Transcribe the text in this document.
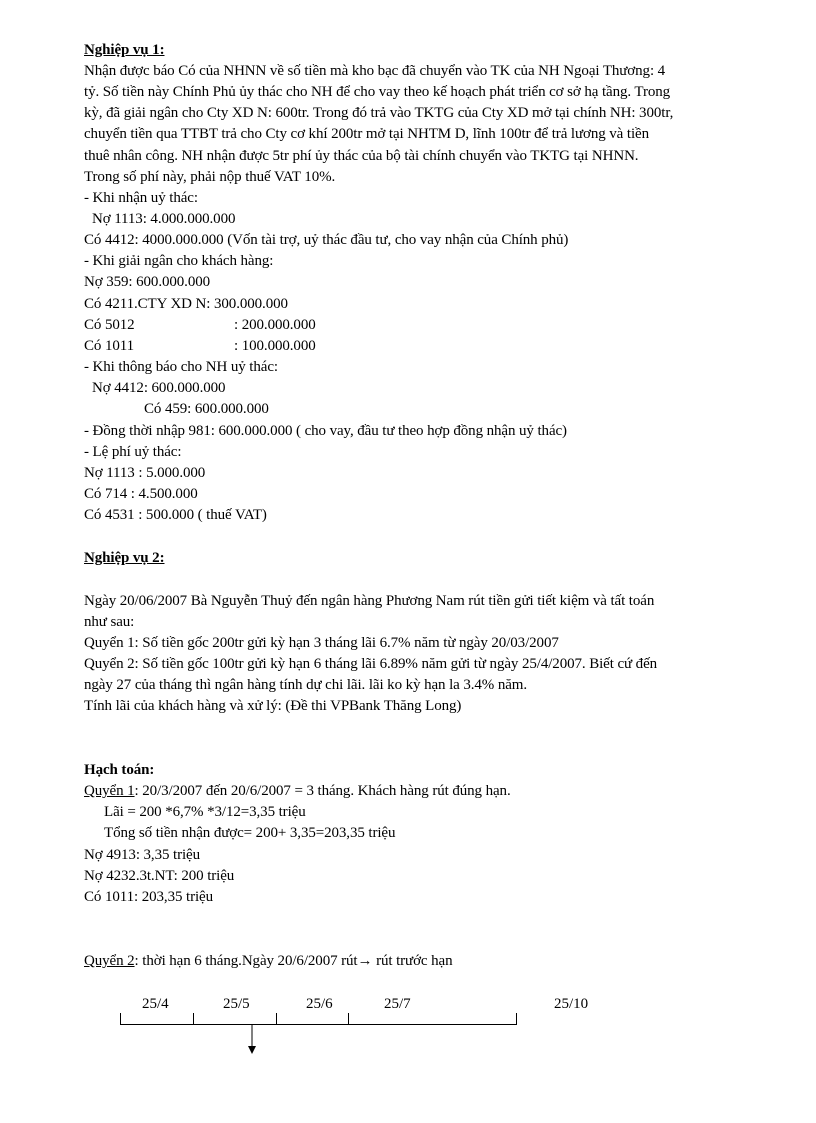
Nghiệp vụ 1:
Nhận được báo Có của NHNN về số tiền mà kho bạc đã chuyển vào TK của NH Ngoại Thương: 4
tỷ. Số tiền này Chính Phủ ủy thác cho NH để cho vay theo kế hoạch phát triển cơ sở hạ tầng. Trong
kỳ, đã giải ngân cho Cty XD N: 600tr. Trong đó trả vào TKTG của Cty XD mở tại chính NH: 300tr,
chuyển tiền qua TTBT trả cho Cty cơ khí 200tr mở tại NHTM D, lĩnh 100tr để trả lương và tiền
thuê nhân công. NH nhận được 5tr phí ủy thác của bộ tài chính chuyển vào TKTG tại NHNN.
Trong số phí này, phải nộp thuế VAT 10%.
- Khi nhận uỷ thác:
Nợ 1113: 4.000.000.000
Có 4412: 4000.000.000 (Vốn tài trợ, uỷ thác đầu tư, cho vay nhận của Chính phủ)
- Khi giải ngân cho khách hàng:
Nợ 359: 600.000.000
Có 4211.CTY XD N: 300.000.000
Có 5012	: 200.000.000
Có 1011	: 100.000.000
- Khi thông báo cho NH uỷ thác:
Nợ 4412: 600.000.000
Có 459: 600.000.000
- Đồng thời nhập 981: 600.000.000 ( cho vay, đầu tư theo hợp đồng nhận uỷ thác)
- Lệ phí uỷ thác:
Nợ 1113 : 5.000.000
Có 714 : 4.500.000
Có 4531 : 500.000 ( thuế VAT)
Nghiệp vụ 2:
Ngày 20/06/2007 Bà Nguyễn Thuỷ đến ngân hàng Phương Nam rút tiền gửi tiết kiệm và tất toán
như sau:
Quyển 1: Số tiền gốc 200tr gửi kỳ hạn 3 tháng lãi 6.7% năm từ ngày 20/03/2007
Quyển 2: Số tiền gốc 100tr gửi kỳ hạn 6 tháng lãi 6.89% năm gửi từ ngày 25/4/2007. Biết cứ đến
ngày 27 của tháng thì ngân hàng tính dự chi lãi. lãi ko kỳ hạn la 3.4% năm.
Tính lãi của khách hàng và xử lý: (Đề thi VPBank Thăng Long)
Hạch toán:
Quyển 1: 20/3/2007 đến 20/6/2007 = 3 tháng. Khách hàng rút đúng hạn.
Lãi = 200 *6,7% *3/12=3,35 triệu
Tổng số tiền nhận được= 200+ 3,35=203,35 triệu
Nợ 4913: 3,35 triệu
Nợ 4232.3t.NT: 200 triệu
Có 1011: 203,35 triệu
Quyển 2: thời hạn 6 tháng.Ngày 20/6/2007 rút→ rút trước hạn
25/4	25/5	25/6	25/7	25/10
